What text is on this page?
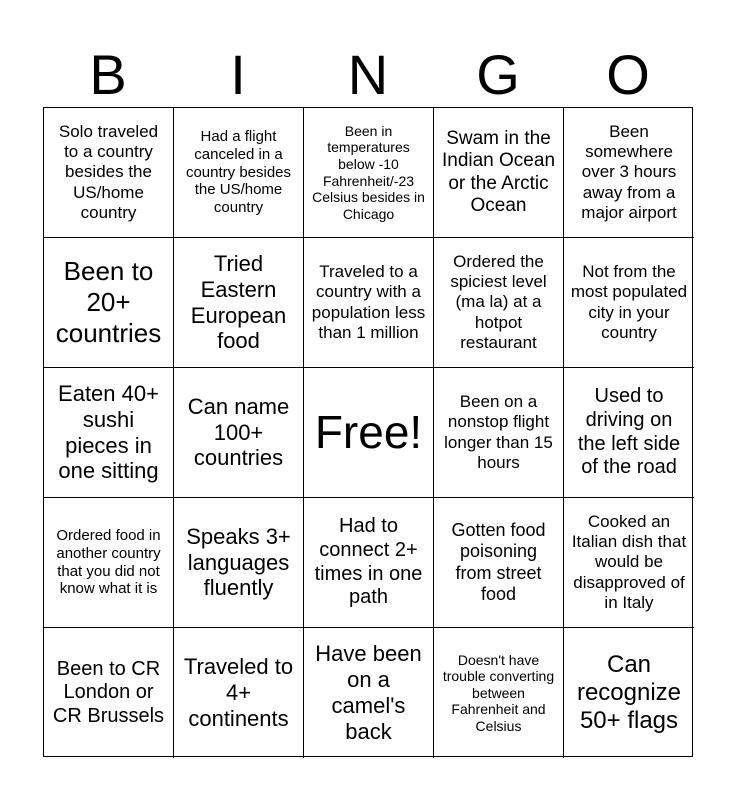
B	I	N	G	O
Solo traveled to a country besides the US/home country
Had a flight canceled in a country besides the US/home country
Been in temperatures below -10 Fahrenheit/-23 Celsius besides in Chicago
Swam in the Indian Ocean or the Arctic Ocean
Been somewhere over 3 hours away from a major airport
Been to 20+ countries
Tried Eastern European food
Traveled to a country with a population less than 1 million
Ordered the spiciest level (ma la) at a hotpot restaurant
Not from the most populated city in your country
Eaten 40+ sushi pieces in one sitting
Can name 100+ countries Free!
Been on a nonstop flight longer than 15 hours
Used to driving on the left side of the road
Ordered food in another country that you did not know what it is
Speaks 3+ languages fluently
Had to connect 2+ times in one path
Gotten food poisoning from street food
Cooked an Italian dish that would be disapproved of in Italy
Been to CR London or CR Brussels
Traveled to 4+ continents
Have been on a camel's back
Doesn't have trouble converting between Fahrenheit and Celsius
Can recognize 50+ flags
